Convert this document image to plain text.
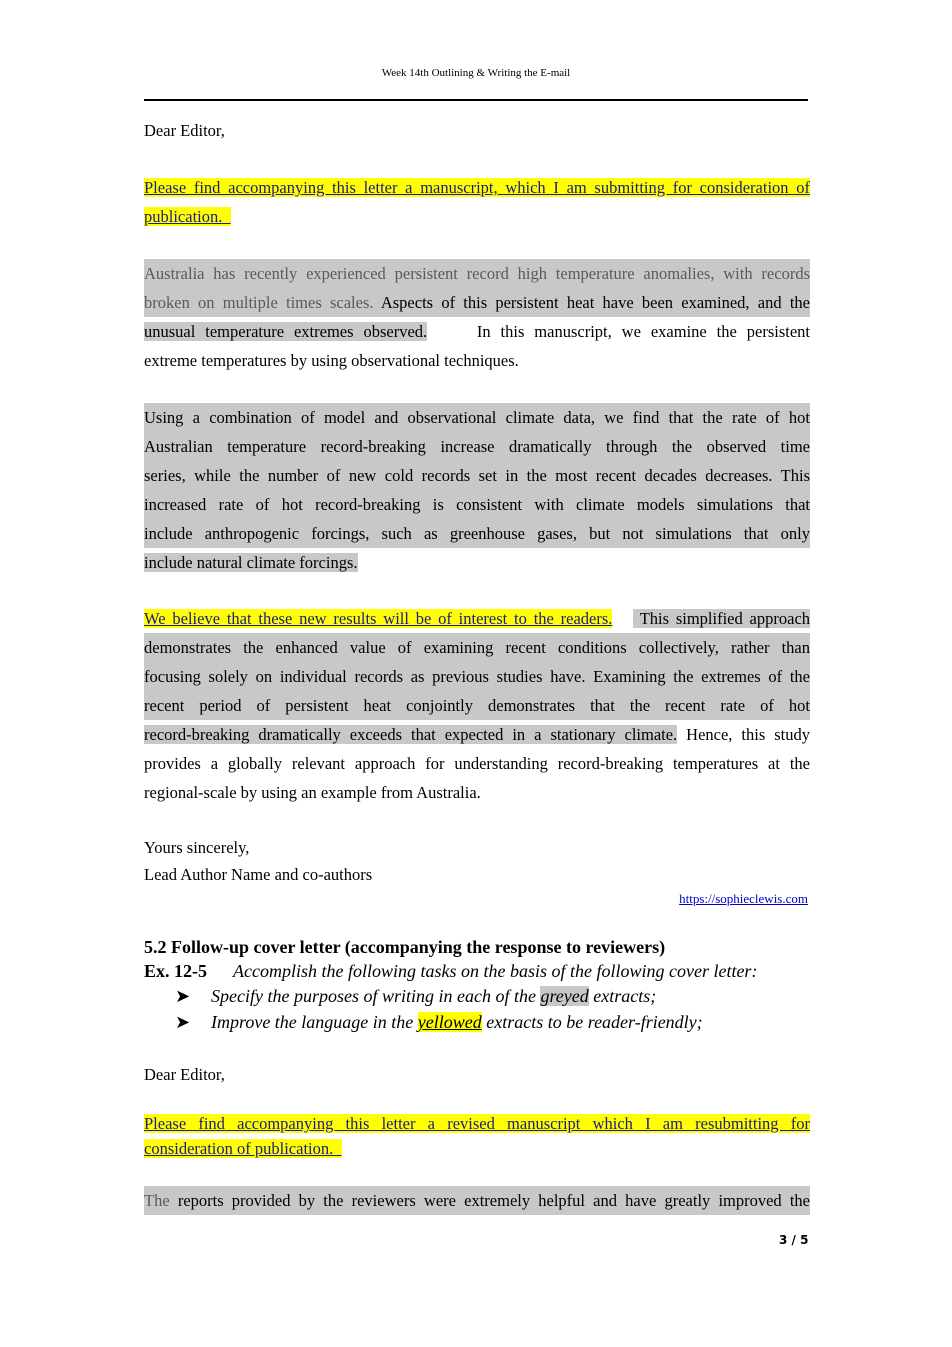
Week 14th Outlining & Writing the E-mail
Dear Editor,
Please find accompanying this letter a manuscript, which I am submitting for consideration of
publication.
Australia has recently experienced persistent record high temperature anomalies, with records
broken on multiple times scales. Aspects of this persistent heat have been examined, and the
unusual temperature extremes observed.	In this manuscript, we examine the persistent
extreme temperatures by using observational techniques.
Using a combination of model and observational climate data, we find that the rate of hot
Australian temperature record-breaking increase dramatically through the observed time
series, while the number of new cold records set in the most recent decades decreases. This
increased rate of hot record-breaking is consistent with climate models simulations that
include anthropogenic forcings, such as greenhouse gases, but not simulations that only
include natural climate forcings.
We believe that these new results will be of interest to the readers. This simplified approach
demonstrates the enhanced value of examining recent conditions collectively, rather than
focusing solely on individual records as previous studies have. Examining the extremes of the
recent period of persistent heat conjointly demonstrates that the recent rate of hot
record-breaking dramatically exceeds that expected in a stationary climate. Hence, this study
provides a globally relevant approach for understanding record-breaking temperatures at the
regional-scale by using an example from Australia.
Yours sincerely,
Lead Author Name and co-authors
https://sophieclewis.com
5.2 Follow-up cover letter (accompanying the response to reviewers)
Ex. 12-5 Accomplish the following tasks on the basis of the following cover letter:
➤ Specify the purposes of writing in each of the greyed extracts;
➤ Improve the language in the yellowed extracts to be reader-friendly;
Dear Editor,
Please find accompanying this letter a revised manuscript which I am resubmitting for
consideration of publication.
The reports provided by the reviewers were extremely helpful and have greatly improved the
3 / 5
